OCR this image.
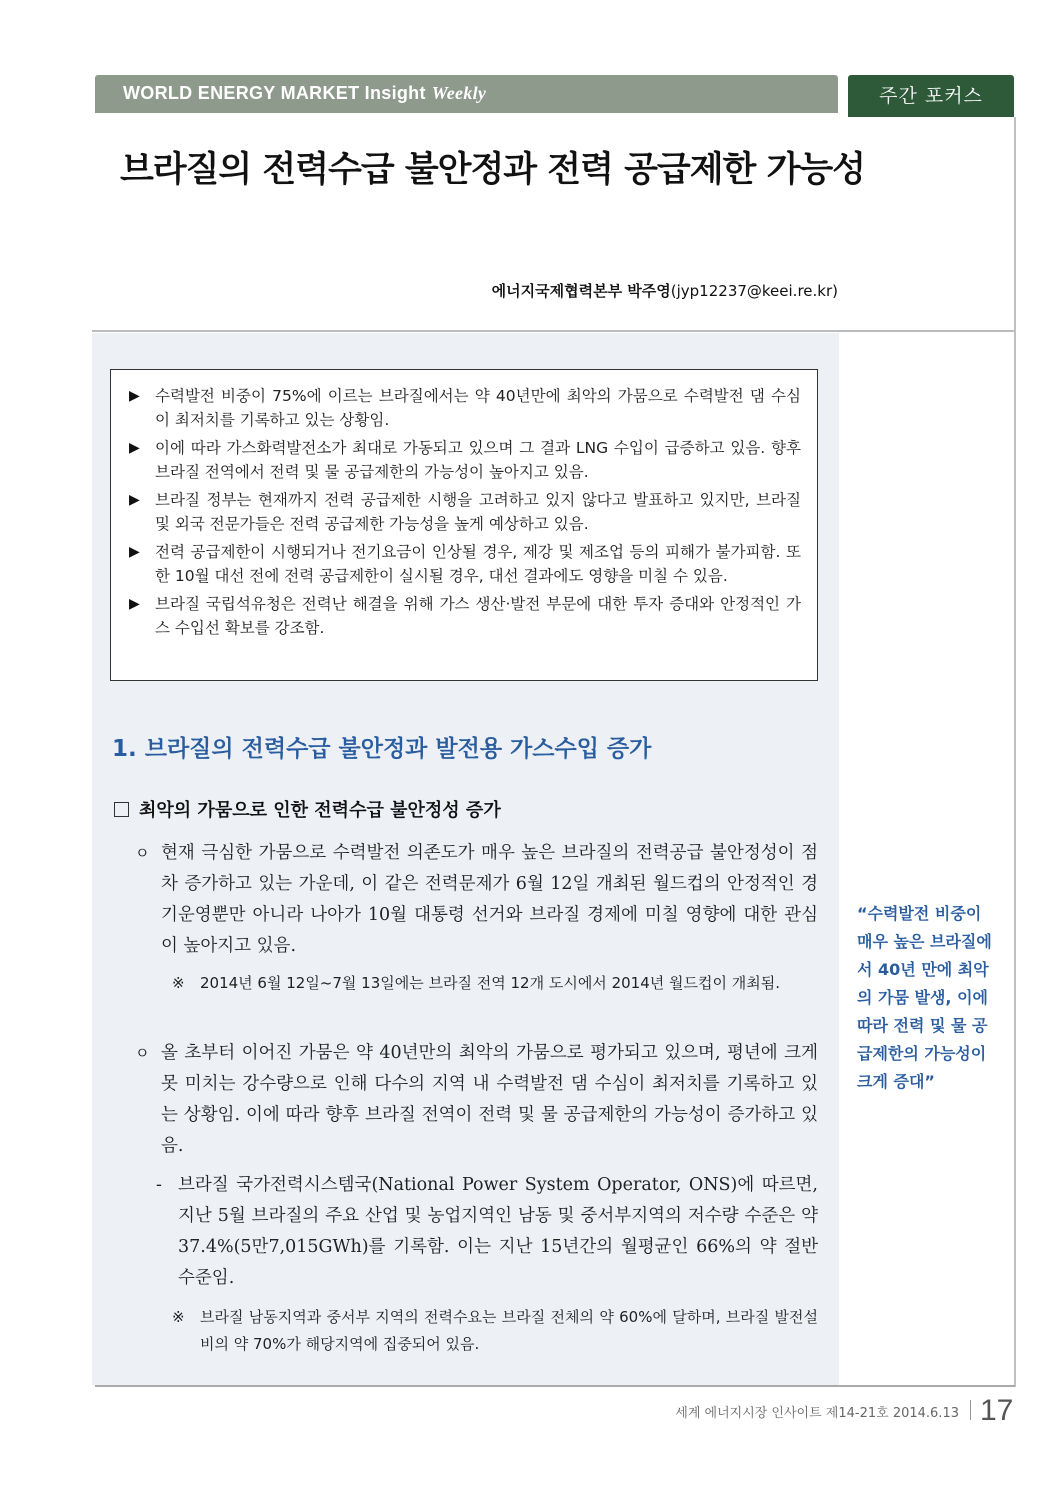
WORLD ENERGY MARKET Insight Weekly	주간 포커스
브라질의 전력수급 불안정과 전력 공급제한 가능성
에너지국제협력본부 박주영(jyp12237@keei.re.kr)
▶ 수력발전 비중이 75%에 이르는 브라질에서는 약 40년만에 최악의 가뭄으로 수력발전 댐 수심이 최저치를 기록하고 있는 상황임.
▶ 이에 따라 가스화력발전소가 최대로 가동되고 있으며 그 결과 LNG 수입이 급증하고 있음. 향후 브라질 전역에서 전력 및 물 공급제한의 가능성이 높아지고 있음.
▶ 브라질 정부는 현재까지 전력 공급제한 시행을 고려하고 있지 않다고 발표하고 있지만, 브라질 및 외국 전문가들은 전력 공급제한 가능성을 높게 예상하고 있음.
▶ 전력 공급제한이 시행되거나 전기요금이 인상될 경우, 제강 및 제조업 등의 피해가 불가피함. 또한 10월 대선 전에 전력 공급제한이 실시될 경우, 대선 결과에도 영향을 미칠 수 있음.
▶ 브라질 국립석유청은 전력난 해결을 위해 가스 생산·발전 부문에 대한 투자 증대와 안정적인 가스 수입선 확보를 강조함.
1. 브라질의 전력수급 불안정과 발전용 가스수입 증가
최악의 가뭄으로 인한 전력수급 불안정성 증가
ㅇ 현재 극심한 가뭄으로 수력발전 의존도가 매우 높은 브라질의 전력공급 불안정성이 점차 증가하고 있는 가운데, 이 같은 전력문제가 6월 12일 개최된 월드컵의 안정적인 경기운영뿐만 아니라 나아가 10월 대통령 선거와 브라질 경제에 미칠 영향에 대한 관심이 높아지고 있음.
※	2014년 6월 12일~7월 13일에는 브라질 전역 12개 도시에서 2014년 월드컵이 개최됨.
ㅇ 올 초부터 이어진 가뭄은 약 40년만의 최악의 가뭄으로 평가되고 있으며, 평년에 크게 못 미치는 강수량으로 인해 다수의 지역 내 수력발전 댐 수심이 최저치를 기록하고 있는 상황임. 이에 따라 향후 브라질 전역이 전력 및 물 공급제한의 가능성이 증가하고 있음.
- 브라질 국가전력시스템국(National Power System Operator, ONS)에 따르면, 지난 5월 브라질의 주요 산업 및 농업지역인 남동 및 중서부지역의 저수량 수준은 약 37.4%(5만7,015GWh)를 기록함. 이는 지난 15년간의 월평균인 66%의 약 절반 수준임.
※	브라질 남동지역과 중서부 지역의 전력수요는 브라질 전체의 약 60%에 달하며, 브라질 발전설비의 약 70%가 해당지역에 집중되어 있음.
“수력발전 비중이 매우 높은 브라질에서 40년 만에 최악의 가뭄 발생, 이에 따라 전력 및 물 공급제한의 가능성이 크게 증대”
세계 에너지시장 인사이트 제14-21호 2014.6.13 17
